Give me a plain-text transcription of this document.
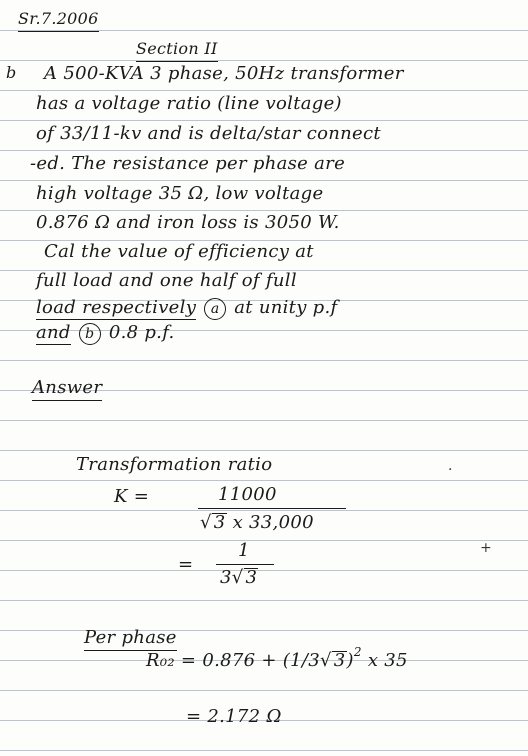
Sr.7.2006
Section II
b A 500-KVA 3 phase, 50Hz transformer
has a voltage ratio (line voltage)
of 33/11-kv and is delta/star connect
-ed. The resistance per phase are
high voltage 35 Ω, low voltage
0.876 Ω and iron loss is 3050 W.
Cal the value of efficiency at
full load and one half of full
load respectively a at unity p.f
and b 0.8 p.f.
Answer
Transformation ratio	·
K =	11000
√ 3 x 33,000
+
=
1
3√ 3
Per phase
R₀₂ = 0.876 + (1/3√ 3)$^2$ x 35
= 2.172 Ω
